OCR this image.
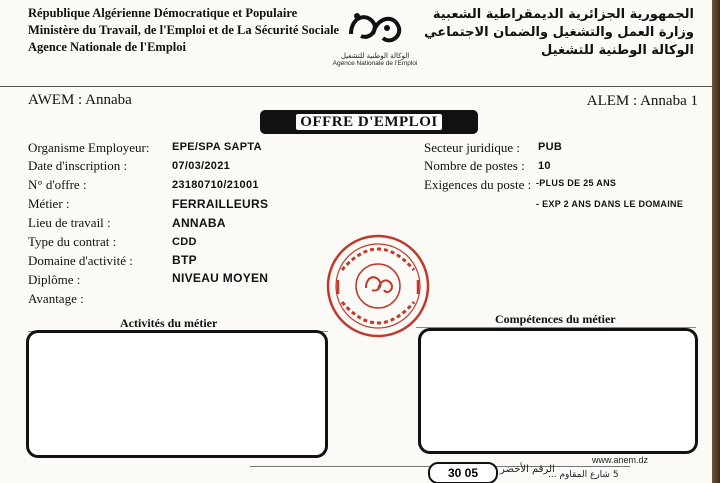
République Algérienne Démocratique et Populaire
Ministère du Travail, de l'Emploi et de La Sécurité Sociale
Agence Nationale de l'Emploi
الوكالة الوطنية للتشغيل
Agence Nationale de l'Emploi
الجمهورية الجزائرية الديمقراطية الشعبية
وزارة العمل والتشغيل والضمان الاجتماعي
الوكالة الوطنية للتشغيل
AWEM : Annaba	ALEM : Annaba 1
OFFRE D'EMPLOI
Organisme Employeur: EPE/SPA SAPTA
Date d'inscription :	07/03/2021
N° d'offre :	23180710/21001
Métier :	FERRAILLEURS
Lieu de travail :	ANNABA
Type du contrat :	CDD
Domaine d'activité :	BTP
Diplôme :	NIVEAU MOYEN
Avantage :
Secteur juridique : PUB
Nombre de postes : 10
Exigences du poste : -PLUS DE 25 ANS
- EXP 2 ANS DANS LE DOMAINE
Activités du métier	Compétences du métier
30 05	الرقم الأخضر
www.anem.dz
5 شارع المقاوم ...
